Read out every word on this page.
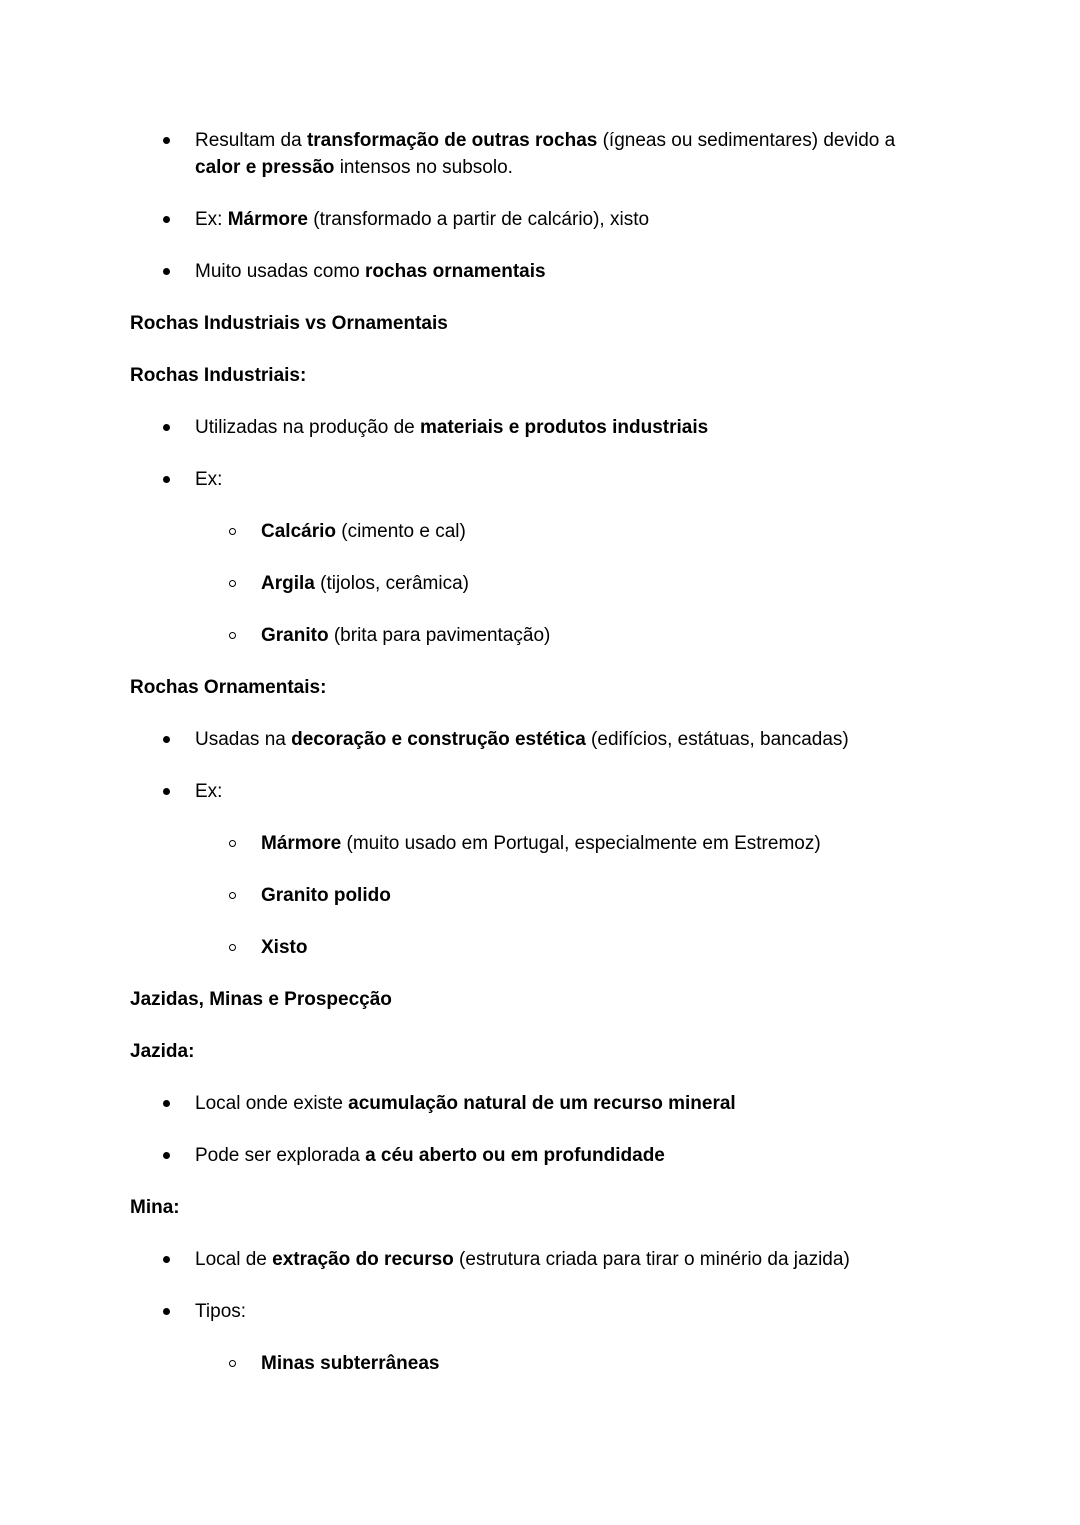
Resultam da transformação de outras rochas (ígneas ou sedimentares) devido a calor e pressão intensos no subsolo.
Ex: Mármore (transformado a partir de calcário), xisto
Muito usadas como rochas ornamentais
Rochas Industriais vs Ornamentais
Rochas Industriais:
Utilizadas na produção de materiais e produtos industriais
Ex:
Calcário (cimento e cal)
Argila (tijolos, cerâmica)
Granito (brita para pavimentação)
Rochas Ornamentais:
Usadas na decoração e construção estética (edifícios, estátuas, bancadas)
Ex:
Mármore (muito usado em Portugal, especialmente em Estremoz)
Granito polido
Xisto
Jazidas, Minas e Prospecção
Jazida:
Local onde existe acumulação natural de um recurso mineral
Pode ser explorada a céu aberto ou em profundidade
Mina:
Local de extração do recurso (estrutura criada para tirar o minério da jazida)
Tipos:
Minas subterrâneas
